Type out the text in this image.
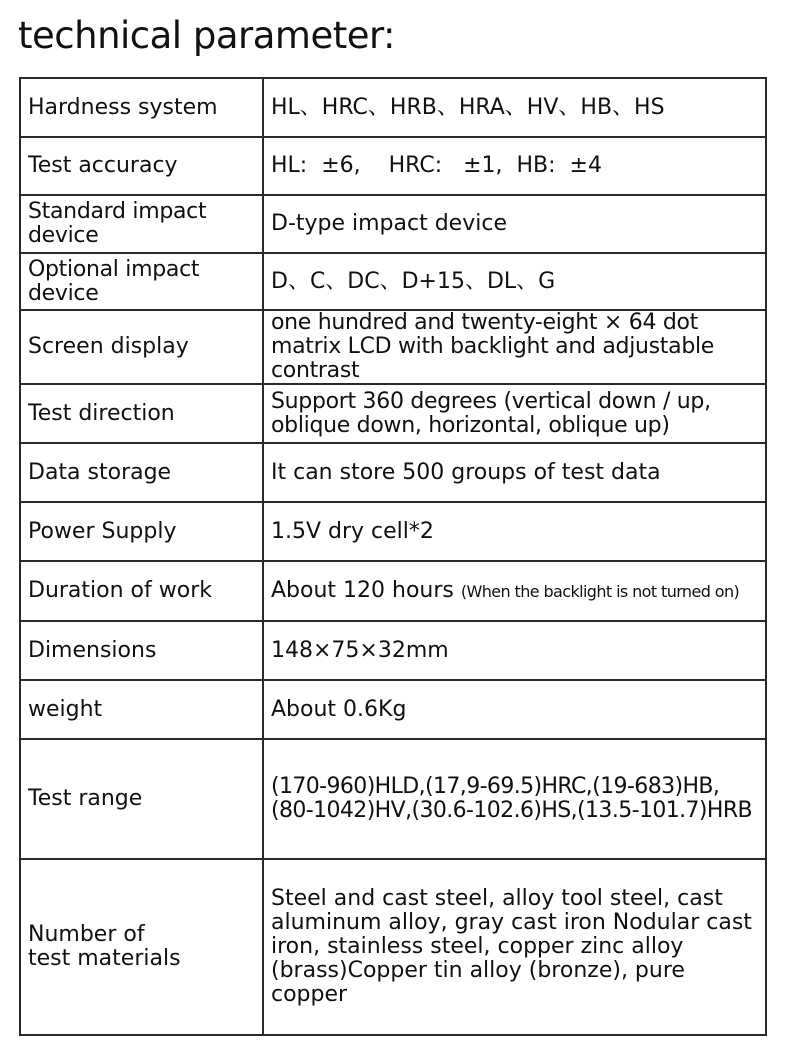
technical parameter:
Hardness system	HL、HRC、HRB、HRA、HV、HB、HS
Test accuracy	HL:  ±6,    HRC:   ±1,  HB:  ±4
Standard impact device	D-type impact device
Optional impact device	D、C、DC、D+15、DL、G
Screen display	one hundred and twenty-eight × 64 dot matrix LCD with backlight and adjustable contrast
Test direction	Support 360 degrees (vertical down / up, oblique down, horizontal, oblique up)
Data storage	It can store 500 groups of test data
Power Supply	1.5V dry cell*2
Duration of work	About 120 hours (When the backlight is not turned on)
Dimensions	148×75×32mm
weight	About 0.6Kg
Test range	(170-960)HLD,(17,9-69.5)HRC,(19-683)HB,
(80-1042)HV,(30.6-102.6)HS,(13.5-101.7)HRB

Number of
test materials	Steel and cast steel, alloy tool steel, cast aluminum alloy, gray cast iron Nodular cast iron, stainless steel, copper zinc alloy (brass)Copper tin alloy (bronze), pure copper
